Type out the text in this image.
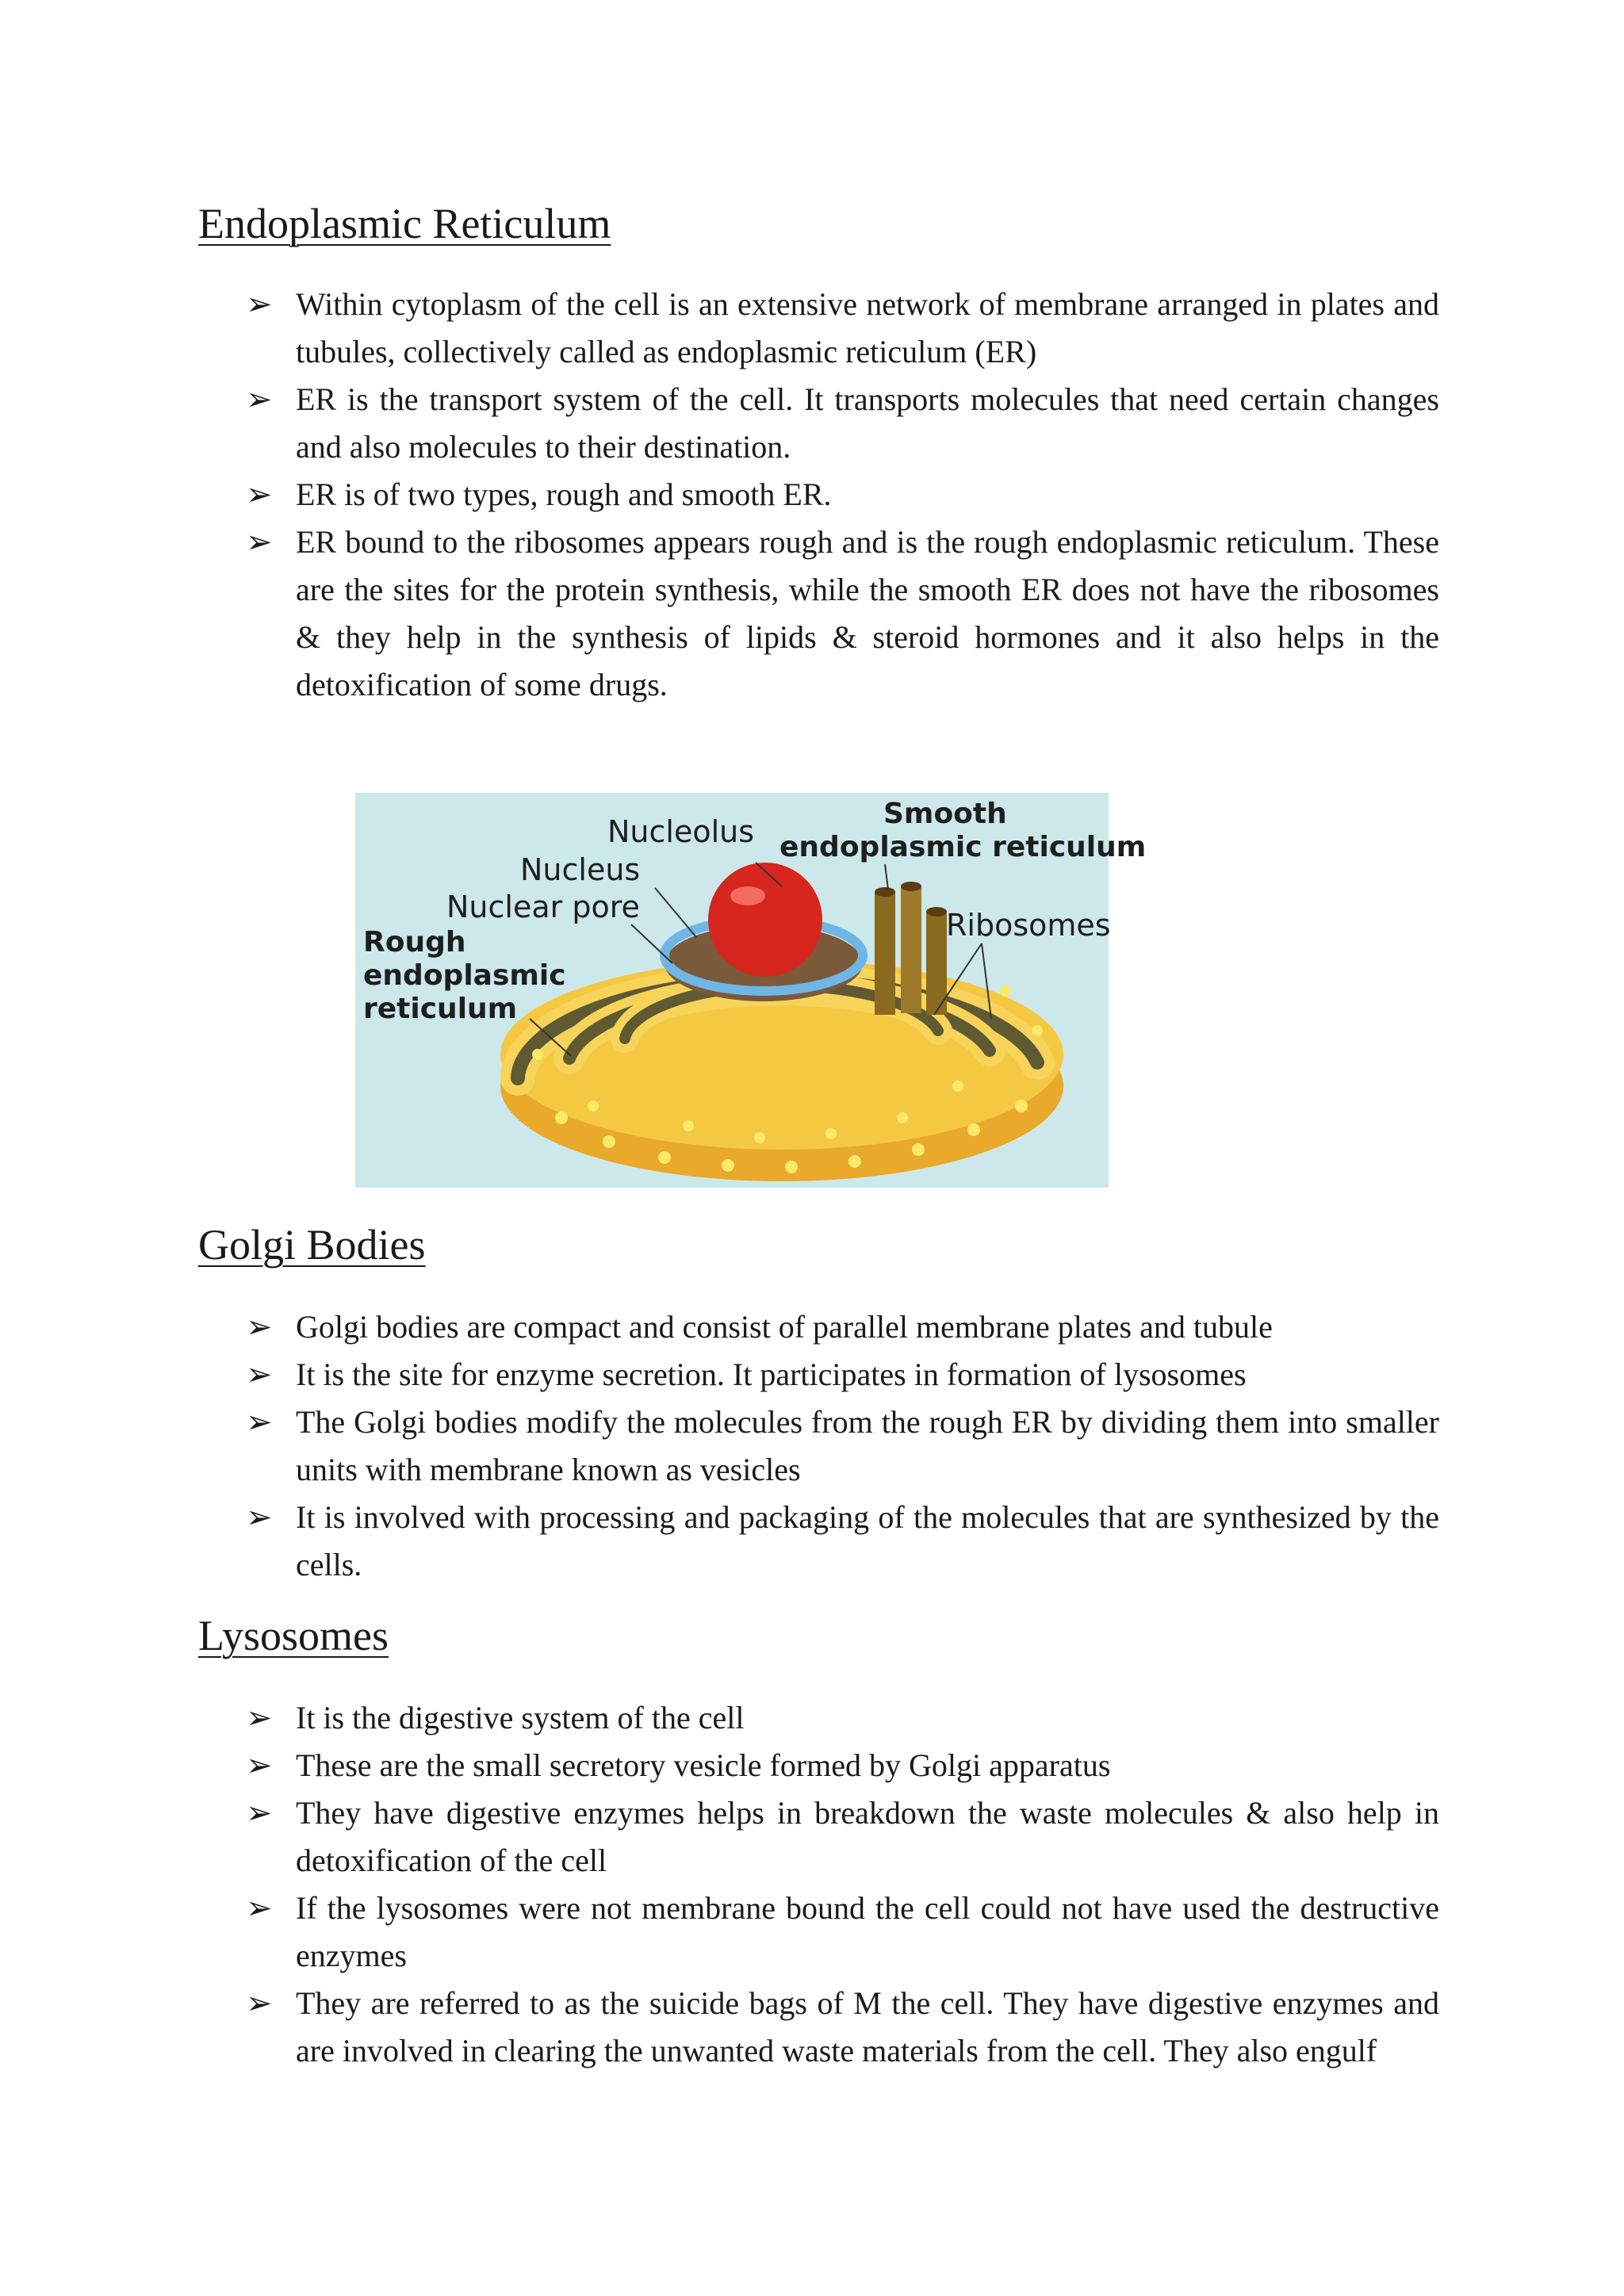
Endoplasmic Reticulum
➢ Within cytoplasm of the cell is an extensive network of membrane arranged in plates and tubules, collectively called as endoplasmic reticulum (ER)
➢ ER is the transport system of the cell. It transports molecules that need certain changes and also molecules to their destination.
➢ ER is of two types, rough and smooth ER.
➢ ER bound to the ribosomes appears rough and is the rough endoplasmic reticulum. These are the sites for the protein synthesis, while the smooth ER does not have the ribosomes & they help in the synthesis of lipids & steroid hormones and it also helps in the detoxification of some drugs.
Nucleolus
Nucleus
Nuclear pore
Rough
endoplasmic
reticulum
Smooth
endoplasmic reticulum
Ribosomes
Golgi Bodies
➢ Golgi bodies are compact and consist of parallel membrane plates and tubule
➢ It is the site for enzyme secretion. It participates in formation of lysosomes
➢ The Golgi bodies modify the molecules from the rough ER by dividing them into smaller units with membrane known as vesicles
➢ It is involved with processing and packaging of the molecules that are synthesized by the cells.
Lysosomes
➢ It is the digestive system of the cell
➢ These are the small secretory vesicle formed by Golgi apparatus
➢ They have digestive enzymes helps in breakdown the waste molecules & also help in detoxification of the cell
➢ If the lysosomes were not membrane bound the cell could not have used the destructive enzymes
➢ They are referred to as the suicide bags of M the cell. They have digestive enzymes and are involved in clearing the unwanted waste materials from the cell. They also engulf
